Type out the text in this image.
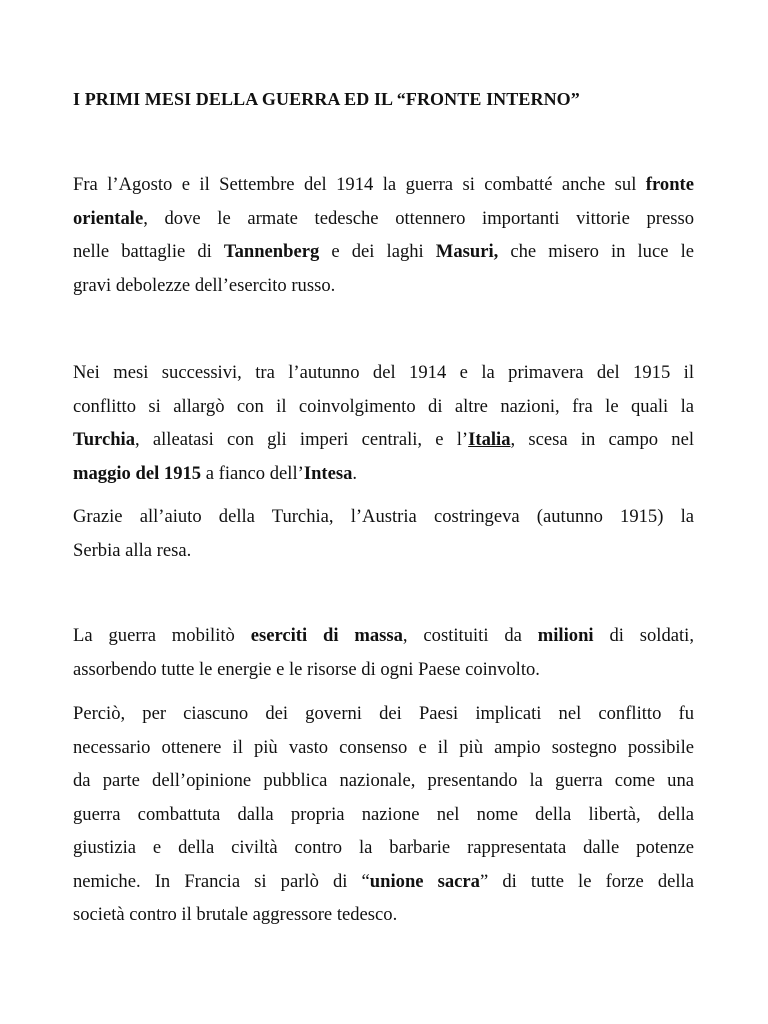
I PRIMI MESI DELLA GUERRA ED IL “FRONTE INTERNO”
Fra l’Agosto e il Settembre del 1914 la guerra si combatté anche sul fronte
orientale, dove le armate tedesche ottennero importanti vittorie presso
nelle battaglie di Tannenberg e dei laghi Masuri, che misero in luce le
gravi debolezze dell’esercito russo.
Nei mesi successivi, tra l’autunno del 1914 e la primavera del 1915 il
conflitto si allargò con il coinvolgimento di altre nazioni, fra le quali la
Turchia, alleatasi con gli imperi centrali, e l’Italia, scesa in campo nel
maggio del 1915 a fianco dell’Intesa.
Grazie all’aiuto della Turchia, l’Austria costringeva (autunno 1915) la
Serbia alla resa.
La guerra mobilitò eserciti di massa, costituiti da milioni di soldati,
assorbendo tutte le energie e le risorse di ogni Paese coinvolto.
Perciò, per ciascuno dei governi dei Paesi implicati nel conflitto fu
necessario ottenere il più vasto consenso e il più ampio sostegno possibile
da parte dell’opinione pubblica nazionale, presentando la guerra come una
guerra combattuta dalla propria nazione nel nome della libertà, della
giustizia e della civiltà contro la barbarie rappresentata dalle potenze
nemiche. In Francia si parlò di “unione sacra” di tutte le forze della
società contro il brutale aggressore tedesco.
